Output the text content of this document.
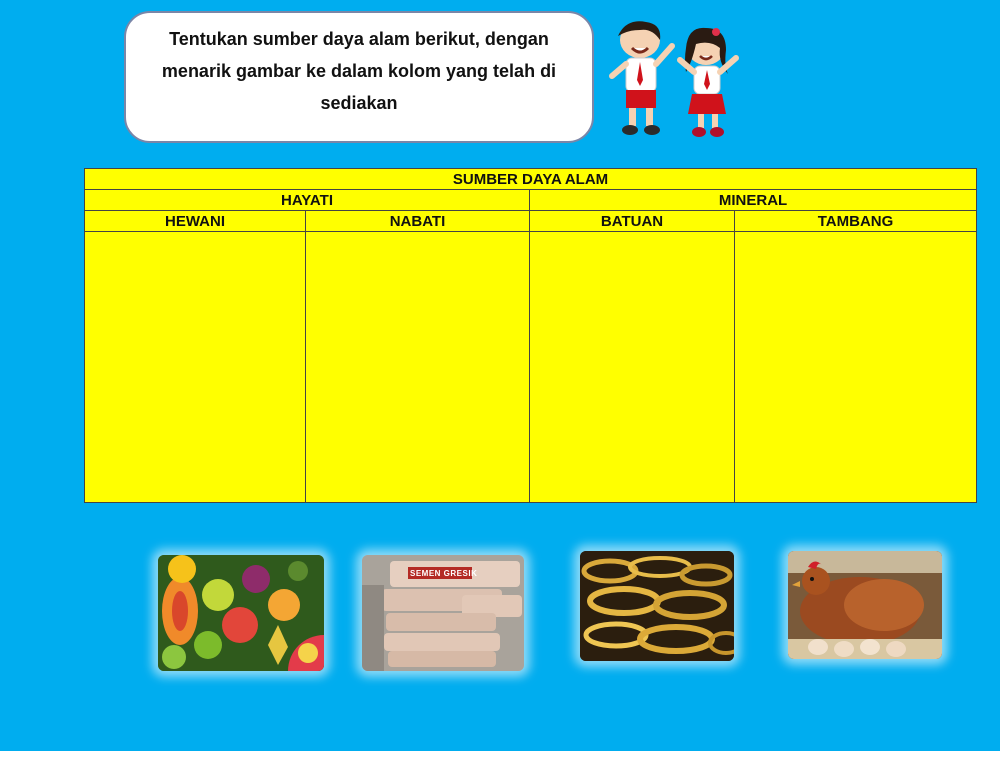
Tentukan sumber daya alam berikut, dengan menarik gambar ke dalam kolom yang telah di sediakan
SUMBER DAYA ALAM			
HAYATI		MINERAL	
HEWANI	NABATI	BATUAN	TAMBANG

SEMEN GRESIK
